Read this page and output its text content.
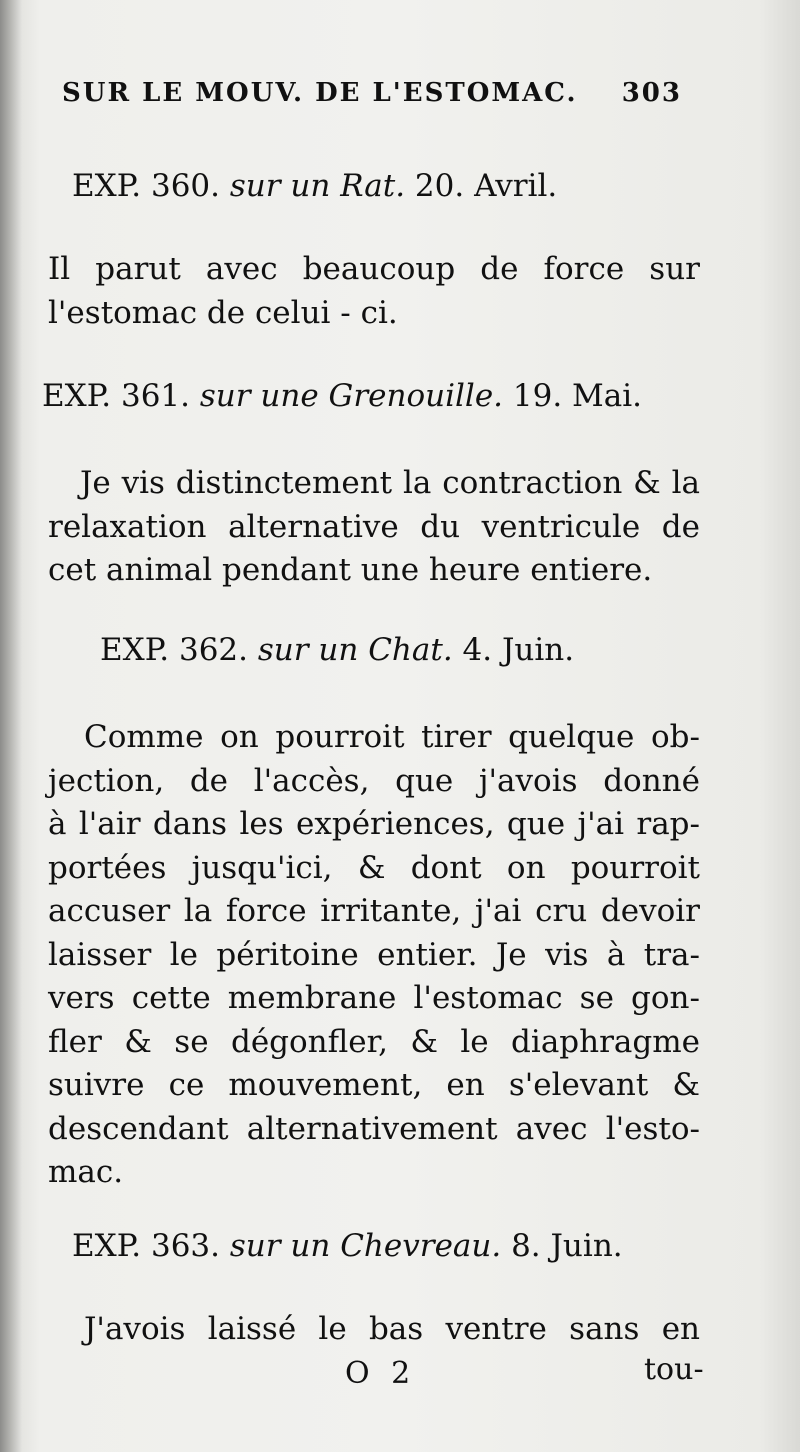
SUR LE MOUV. DE L'ESTOMAC. 303
EXP. 360. sur un Rat. 20. Avril.
Il parut avec beaucoup de force sur
l'estomac de celui - ci.
EXP. 361. sur une Grenouille. 19. Mai.
Je vis distinctement la contraction & la
relaxation alternative du ventricule de
cet animal pendant une heure entiere.
EXP. 362. sur un Chat. 4. Juin.
Comme on pourroit tirer quelque ob-
jection, de l'accès, que j'avois donné
à l'air dans les expériences, que j'ai rap-
portées jusqu'ici, & dont on pourroit
accuser la force irritante, j'ai cru devoir
laisser le péritoine entier. Je vis à tra-
vers cette membrane l'estomac se gon-
fler & se dégonfler, & le diaphragme
suivre ce mouvement, en s'elevant &
descendant alternativement avec l'esto-
mac.
EXP. 363. sur un Chevreau. 8. Juin.
J'avois laissé le bas ventre sans en
O 2	tou-
